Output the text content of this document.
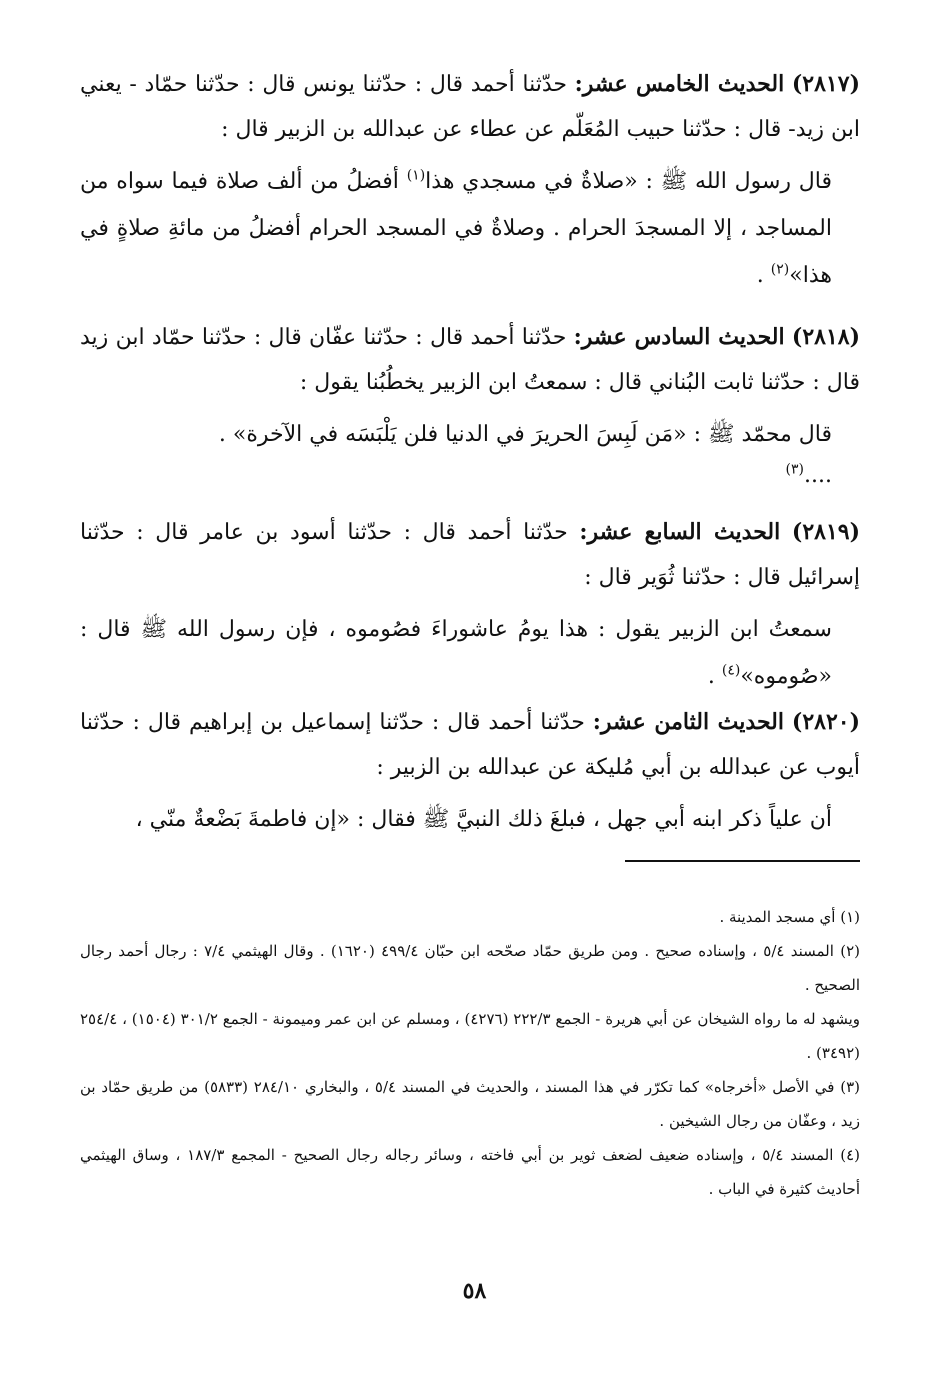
(٢٨١٧) الحديث الخامس عشر: حدّثنا أحمد قال : حدّثنا يونس قال : حدّثنا حمّاد - يعني ابن زيد- قال : حدّثنا حبيب المُعَلّم عن عطاء عن عبدالله بن الزبير قال :

قال رسول الله ﷺ : «صلاةٌ في مسجدي هذا$^{(١)}$ أفضلُ من ألف صلاة فيما سواه من المساجد ، إلا المسجدَ الحرام . وصلاةٌ في المسجد الحرام أفضلُ من مائةِ صلاةٍ في هذا»$^{(٢)}$ .

(٢٨١٨) الحديث السادس عشر: حدّثنا أحمد قال : حدّثنا عفّان قال : حدّثنا حمّاد ابن زيد قال : حدّثنا ثابت البُناني قال : سمعتُ ابن الزبير يخطُبُنا يقول :

قال محمّد ﷺ : «مَن لَبِسَ الحريرَ في الدنيا فلن يَلْبَسَه في الآخرة» .

....$^{(٣)}$

(٢٨١٩) الحديث السابع عشر: حدّثنا أحمد قال : حدّثنا أسود بن عامر قال : حدّثنا إسرائيل قال : حدّثنا ثُوَير قال :

سمعتُ ابن الزبير يقول : هذا يومُ عاشوراءَ فصُوموه ، فإن رسول الله ﷺ قال : «صُوموه»$^{(٤)}$ .

(٢٨٢٠) الحديث الثامن عشر: حدّثنا أحمد قال : حدّثنا إسماعيل بن إبراهيم قال : حدّثنا أيوب عن عبدالله بن أبي مُليكة عن عبدالله بن الزبير :

أن علياً ذكر ابنه أبي جهل ، فبلغَ ذلك النبيَّ ﷺ فقال : «إن فاطمةَ بَضْعةٌ منّي ،

(١) أي مسجد المدينة .

(٢) المسند ٥/٤ ، وإسناده صحيح . ومن طريق حمّاد صحّحه ابن حبّان ٤٩٩/٤ (١٦٢٠) . وقال الهيثمي ٧/٤ : رجال أحمد رجال الصحيح .

ويشهد له ما رواه الشيخان عن أبي هريرة - الجمع ٢٢٢/٣ (٤٢٧٦) ، ومسلم عن ابن عمر وميمونة - الجمع ٣٠١/٢ (١٥٠٤) ، ٢٥٤/٤ (٣٤٩٢) .

(٣) في الأصل «أخرجاه» كما تكرّر في هذا المسند ، والحديث في المسند ٥/٤ ، والبخاري ٢٨٤/١٠ (٥٨٣٣) من طريق حمّاد بن زيد ، وعفّان من رجال الشيخين .

(٤) المسند ٥/٤ ، وإسناده ضعيف لضعف ثوير بن أبي فاخته ، وسائر رجاله رجال الصحيح - المجمع ١٨٧/٣ ، وساق الهيثمي أحاديث كثيرة في الباب .

٥٨
